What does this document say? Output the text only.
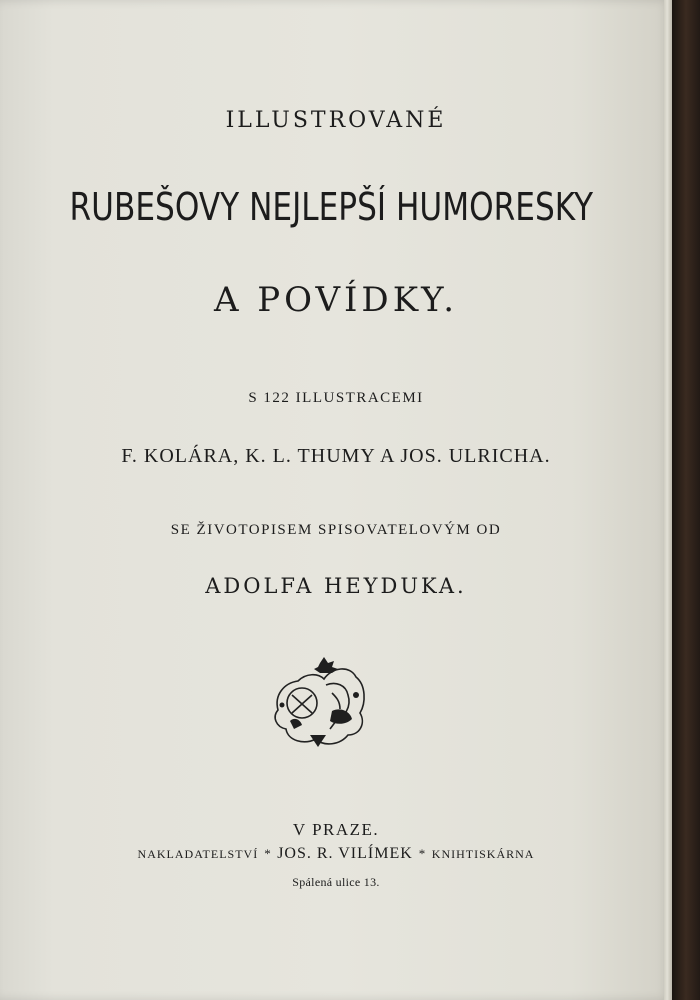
ILLUSTROVANÉ
RUBEŠOVY NEJLEPŠÍ HUMORESKY
A POVÍDKY.
S 122 ILLUSTRACEMI
F. KOLÁRA, K. L. THUMY A JOS. ULRICHA.
SE ŽIVOTOPISEM SPISOVATELOVÝM OD
ADOLFA HEYDUKA.
V PRAZE.
NAKLADATELSTVÍ * JOS. R. VILÍMEK * KNIHTISKÁRNA
Spálená ulice 13.
